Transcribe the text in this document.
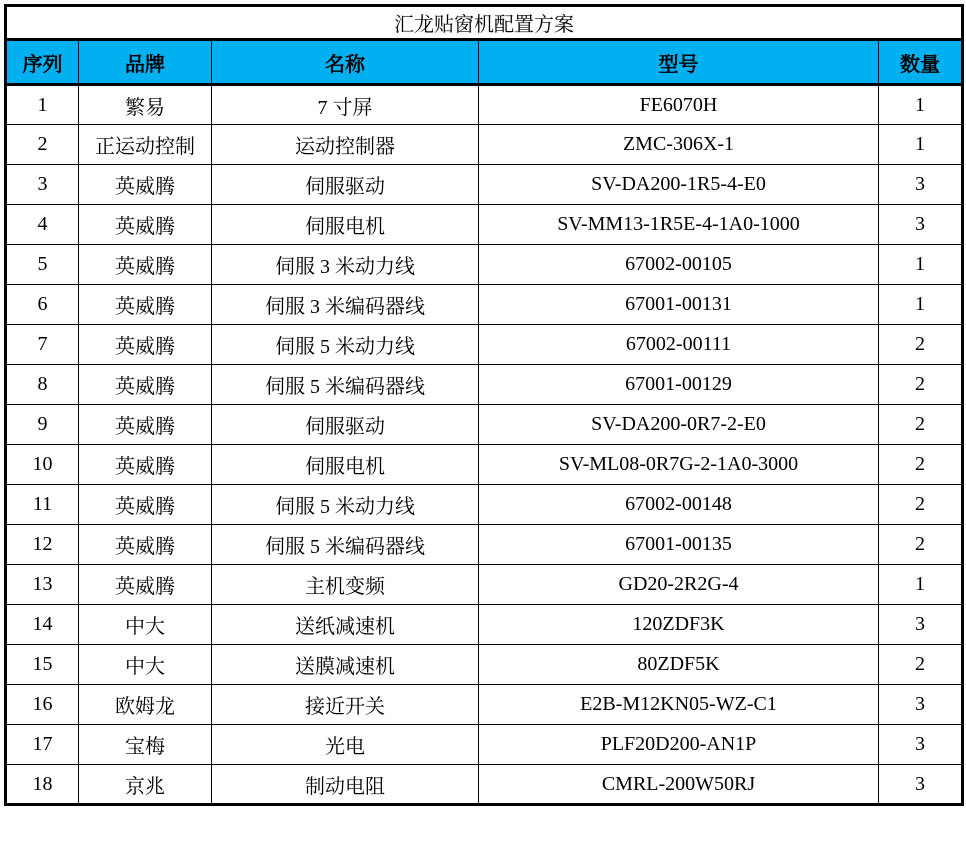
汇龙贴窗机配置方案				
序列	品牌	名称	型号	数量
1	繁易	7 寸屏	FE6070H	1
2	正运动控制	运动控制器	ZMC-306X-1	1
3	英威腾	伺服驱动	SV-DA200-1R5-4-E0	3
4	英威腾	伺服电机	SV-MM13-1R5E-4-1A0-1000	3
5	英威腾	伺服 3 米动力线	67002-00105	1
6	英威腾	伺服 3 米编码器线	67001-00131	1
7	英威腾	伺服 5 米动力线	67002-00111	2
8	英威腾	伺服 5 米编码器线	67001-00129	2
9	英威腾	伺服驱动	SV-DA200-0R7-2-E0	2
10	英威腾	伺服电机	SV-ML08-0R7G-2-1A0-3000	2
11	英威腾	伺服 5 米动力线	67002-00148	2
12	英威腾	伺服 5 米编码器线	67001-00135	2
13	英威腾	主机变频	GD20-2R2G-4	1
14	中大	送纸减速机	120ZDF3K	3
15	中大	送膜减速机	80ZDF5K	2
16	欧姆龙	接近开关	E2B-M12KN05-WZ-C1	3
17	宝梅	光电	PLF20D200-AN1P	3
18	京兆	制动电阻	CMRL-200W50RJ	3
